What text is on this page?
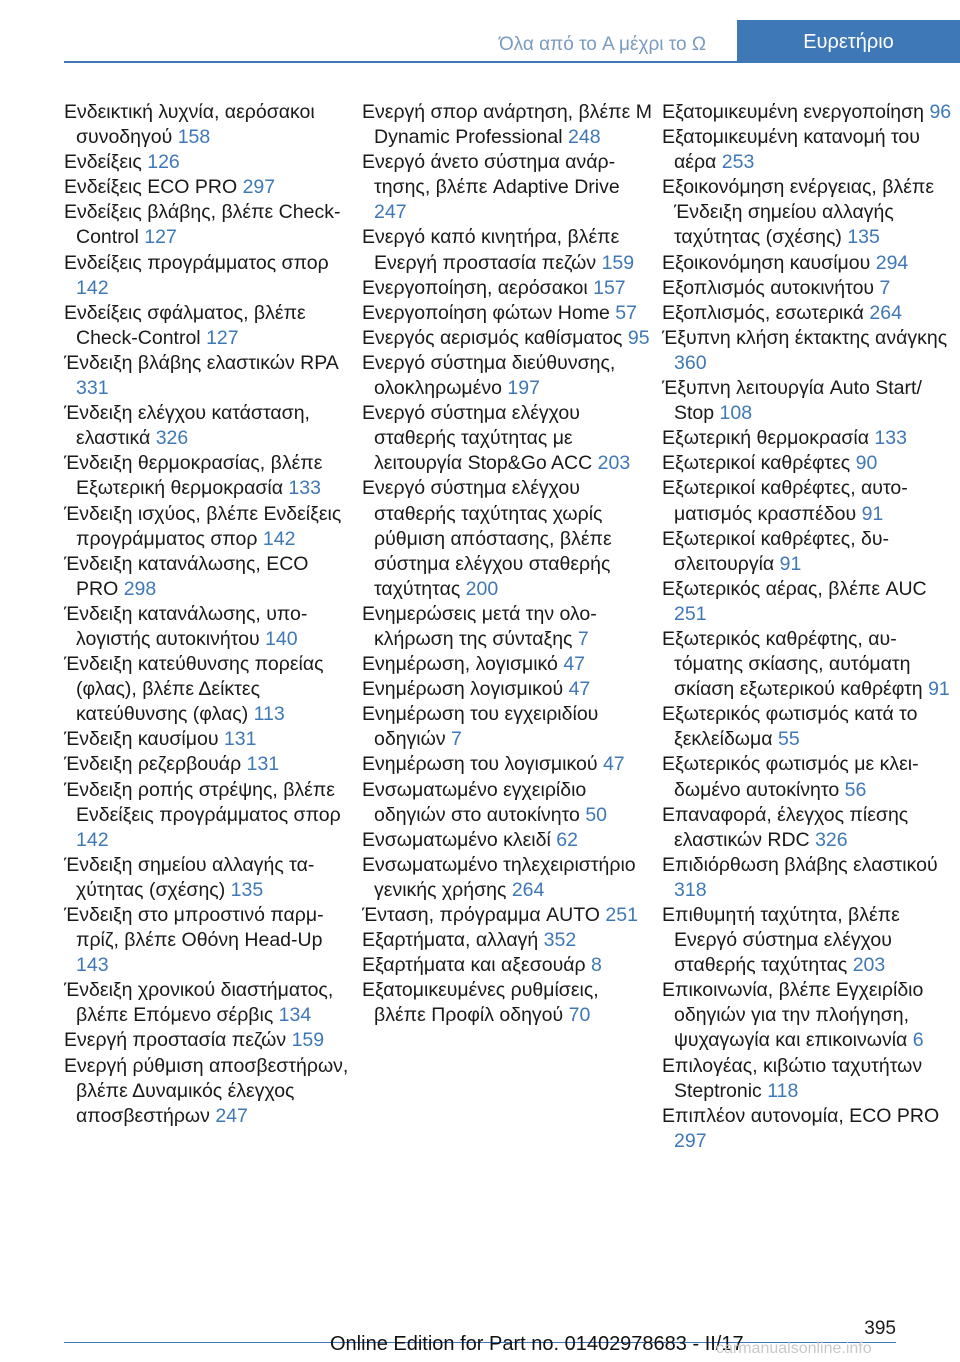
Όλα από το A μέχρι το Ω	Ευρετήριο
Ενδεικτική λυχνία, αερόσακοι συνοδηγού 158
Ενδείξεις 126
Ενδείξεις ECO PRO 297
Ενδείξεις βλάβης, βλέπε Check-Control 127
Ενδείξεις προγράμματος σπορ 142
Ενδείξεις σφάλματος, βλέπε Check-Control 127
Ένδειξη βλάβης ελαστικών RPA 331
Ένδειξη ελέγχου κατάσταση, ελαστικά 326
Ένδειξη θερμοκρασίας, βλέπε Εξωτερική θερμοκρασία 133
Ένδειξη ισχύος, βλέπε Ενδείξεις προγράμματος σπορ 142
Ένδειξη κατανάλωσης, ECO PRO 298
Ένδειξη κατανάλωσης, υπολογιστής αυτοκινήτου 140
Ένδειξη κατεύθυνσης πορείας (φλας), βλέπε Δείκτες κατεύθυνσης (φλας) 113
Ένδειξη καυσίμου 131
Ένδειξη ρεζερβουάρ 131
Ένδειξη ροπής στρέψης, βλέπε Ενδείξεις προγράμματος σπορ 142
Ένδειξη σημείου αλλαγής ταχύτητας (σχέσης) 135
Ένδειξη στο μπροστινό παρμπρίζ, βλέπε Οθόνη Head-Up 143
Ένδειξη χρονικού διαστήματος, βλέπε Επόμενο σέρβις 134
Ενεργή προστασία πεζών 159
Ενεργή ρύθμιση αποσβεστήρων, βλέπε Δυναμικός έλεγχος αποσβεστήρων 247
Ενεργή σπορ ανάρτηση, βλέπε M Dynamic Professional 248
Ενεργό άνετο σύστημα ανάρτησης, βλέπε Adaptive Drive 247
Ενεργό καπό κινητήρα, βλέπε Ενεργή προστασία πεζών 159
Ενεργοποίηση, αερόσακοι 157
Ενεργοποίηση φώτων Home 57
Ενεργός αερισμός καθίσματος 95
Ενεργό σύστημα διεύθυνσης, ολοκληρωμένο 197
Ενεργό σύστημα ελέγχου σταθερής ταχύτητας με λειτουργία Stop&Go ACC 203
Ενεργό σύστημα ελέγχου σταθερής ταχύτητας χωρίς ρύθμιση απόστασης, βλέπε σύστημα ελέγχου σταθερής ταχύτητας 200
Ενημερώσεις μετά την ολοκλήρωση της σύνταξης 7
Ενημέρωση, λογισμικό 47
Ενημέρωση λογισμικού 47
Ενημέρωση του εγχειριδίου οδηγιών 7
Ενημέρωση του λογισμικού 47
Ενσωματωμένο εγχειρίδιο οδηγιών στο αυτοκίνητο 50
Ενσωματωμένο κλειδί 62
Ενσωματωμένο τηλεχειριστήριο γενικής χρήσης 264
Ένταση, πρόγραμμα AUTO 251
Εξαρτήματα, αλλαγή 352
Εξαρτήματα και αξεσουάρ 8
Εξατομικευμένες ρυθμίσεις, βλέπε Προφίλ οδηγού 70
Εξατομικευμένη ενεργοποίηση 96
Εξατομικευμένη κατανομή του αέρα 253
Εξοικονόμηση ενέργειας, βλέπε Ένδειξη σημείου αλλαγής ταχύτητας (σχέσης) 135
Εξοικονόμηση καυσίμου 294
Εξοπλισμός αυτοκινήτου 7
Εξοπλισμός, εσωτερικά 264
Έξυπνη κλήση έκτακτης ανάγκης 360
Έξυπνη λειτουργία Auto Start/ Stop 108
Εξωτερική θερμοκρασία 133
Εξωτερικοί καθρέφτες 90
Εξωτερικοί καθρέφτες, αυτοματισμός κρασπέδου 91
Εξωτερικοί καθρέφτες, δυσλειτουργία 91
Εξωτερικός αέρας, βλέπε AUC 251
Εξωτερικός καθρέφτης, αυτόματης σκίασης, αυτόματη σκίαση εξωτερικού καθρέφτη 91
Εξωτερικός φωτισμός κατά το ξεκλείδωμα 55
Εξωτερικός φωτισμός με κλειδωμένο αυτοκίνητο 56
Επαναφορά, έλεγχος πίεσης ελαστικών RDC 326
Επιδιόρθωση βλάβης ελαστικού 318
Επιθυμητή ταχύτητα, βλέπε Ενεργό σύστημα ελέγχου σταθερής ταχύτητας 203
Επικοινωνία, βλέπε Εγχειρίδιο οδηγιών για την πλοήγηση, ψυχαγωγία και επικοινωνία 6
Επιλογέας, κιβώτιο ταχυτήτων Steptronic 118
Επιπλέον αυτονομία, ECO PRO 297
395
Online Edition for Part no. 01402978683 - II/17
carmanualsonline.info
